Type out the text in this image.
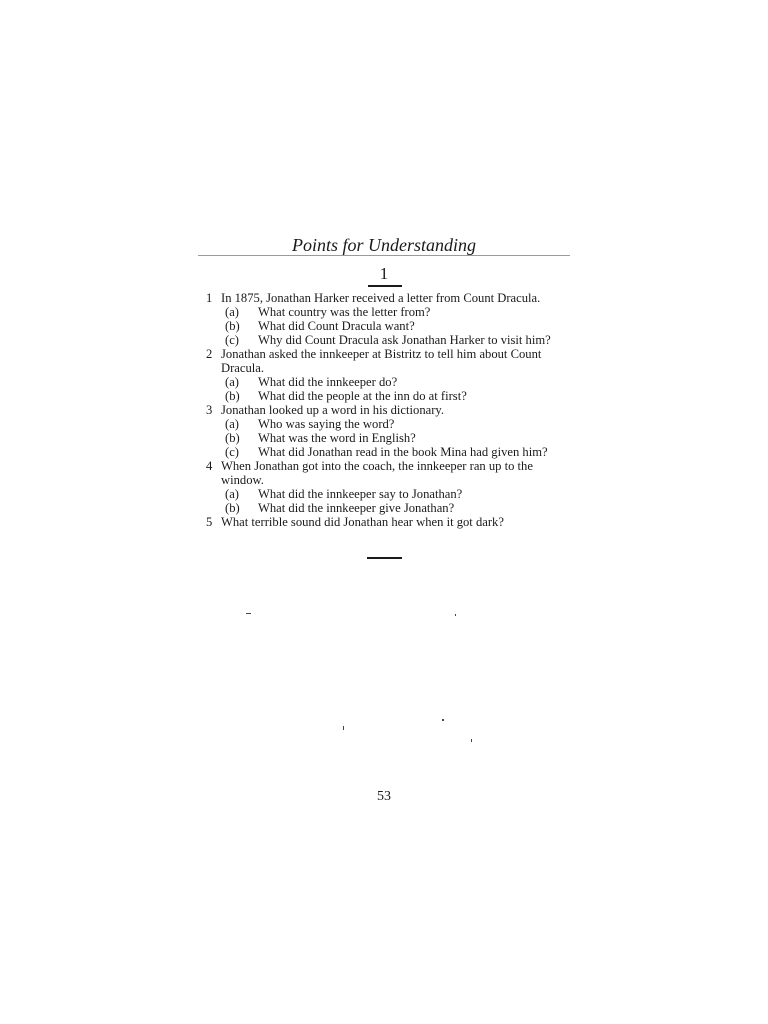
Points for Understanding
1
1 In 1875, Jonathan Harker received a letter from Count Dracula.
(a)	What country was the letter from?
(b)	What did Count Dracula want?
(c)	Why did Count Dracula ask Jonathan Harker to visit him?
2 Jonathan asked the innkeeper at Bistritz to tell him about Count
Dracula.
(a)	What did the innkeeper do?
(b)	What did the people at the inn do at first?
3 Jonathan looked up a word in his dictionary.
(a)	Who was saying the word?
(b)	What was the word in English?
(c)	What did Jonathan read in the book Mina had given him?
4 When Jonathan got into the coach, the innkeeper ran up to the
window.
(a)	What did the innkeeper say to Jonathan?
(b)	What did the innkeeper give Jonathan?
5 What terrible sound did Jonathan hear when it got dark?
53
